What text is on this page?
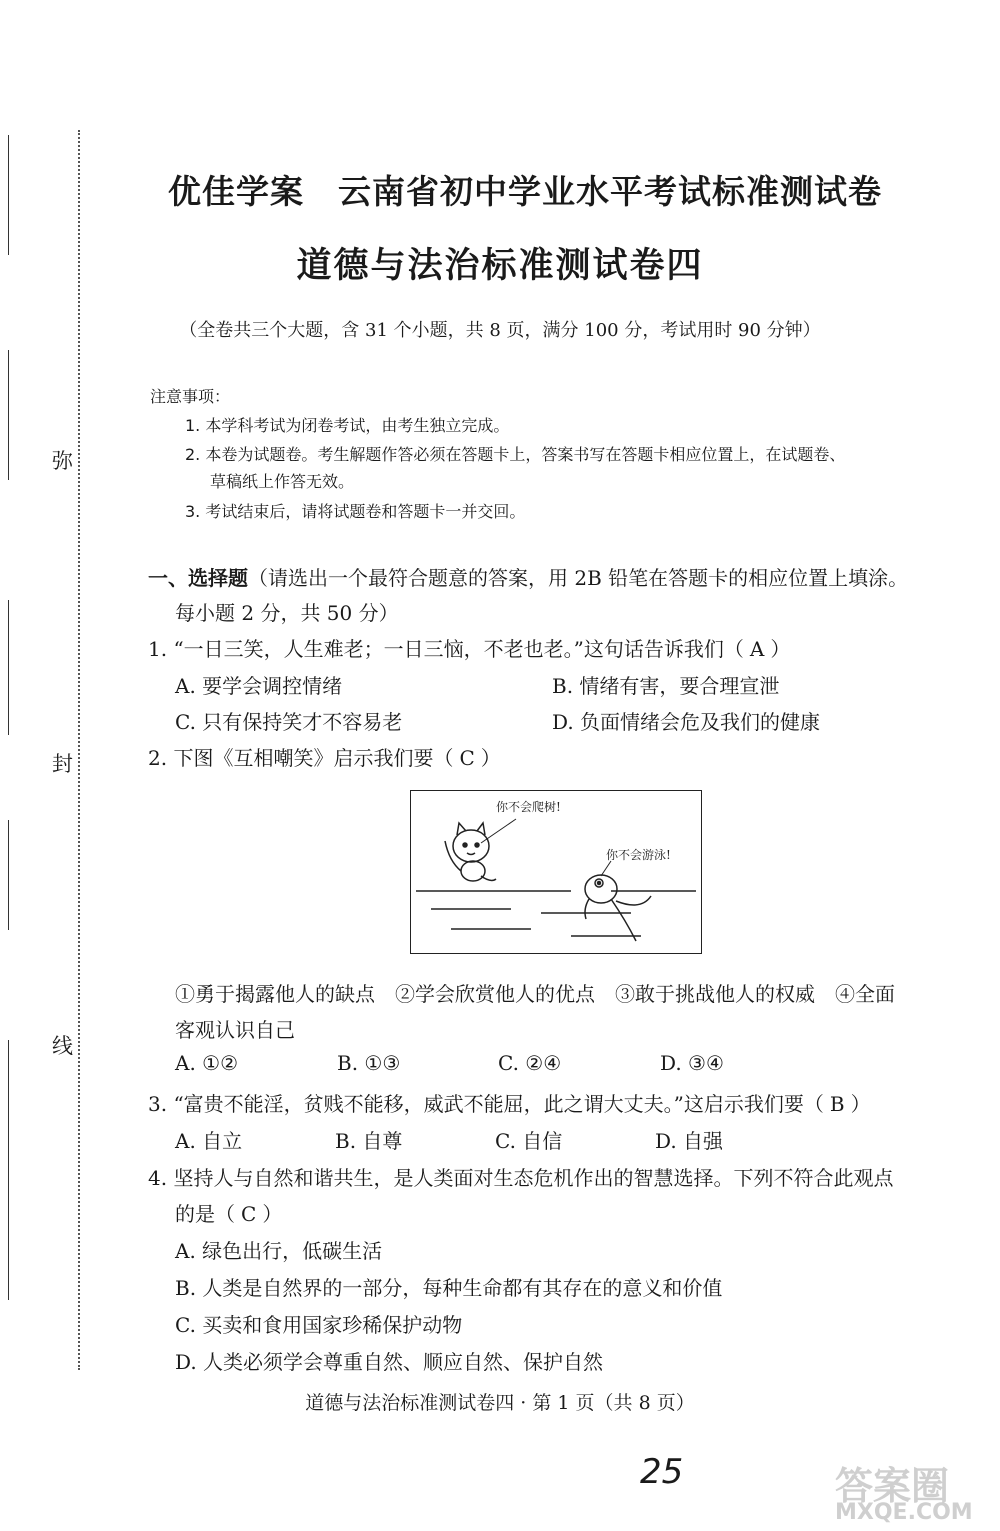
弥
封
线
优佳学案　云南省初中学业水平考试标准测试卷
道德与法治标准测试卷四
（全卷共三个大题，含 31 个小题，共 8 页，满分 100 分，考试用时 90 分钟）
注意事项：
1. 本学科考试为闭卷考试，由考生独立完成。
2. 本卷为试题卷。考生解题作答必须在答题卡上，答案书写在答题卡相应位置上，在试题卷、
草稿纸上作答无效。
3. 考试结束后，请将试题卷和答题卡一并交回。
一、选择题（请选出一个最符合题意的答案，用 2B 铅笔在答题卡的相应位置上填涂。
每小题 2 分，共 50 分）
1. “一日三笑，人生难老；一日三恼，不老也老。”这句话告诉我们（ A ）
A. 要学会调控情绪	B. 情绪有害，要合理宣泄
C. 只有保持笑才不容易老	D. 负面情绪会危及我们的健康
2. 下图《互相嘲笑》启示我们要（ C ）
你不会爬树!
你不会游泳!
①勇于揭露他人的缺点　②学会欣赏他人的优点　③敢于挑战他人的权威　④全面
客观认识自己
A. ①②	B. ①③	C. ②④	D. ③④
3. “富贵不能淫，贫贱不能移，威武不能屈，此之谓大丈夫。”这启示我们要（ B ）
A. 自立	B. 自尊	C. 自信	D. 自强
4. 坚持人与自然和谐共生，是人类面对生态危机作出的智慧选择。下列不符合此观点
的是（ C ）
A. 绿色出行，低碳生活
B. 人类是自然界的一部分，每种生命都有其存在的意义和价值
C. 买卖和食用国家珍稀保护动物
D. 人类必须学会尊重自然、顺应自然、保护自然
道德与法治标准测试卷四 · 第 1 页（共 8 页）
25	答案圈
MXQE.COM
